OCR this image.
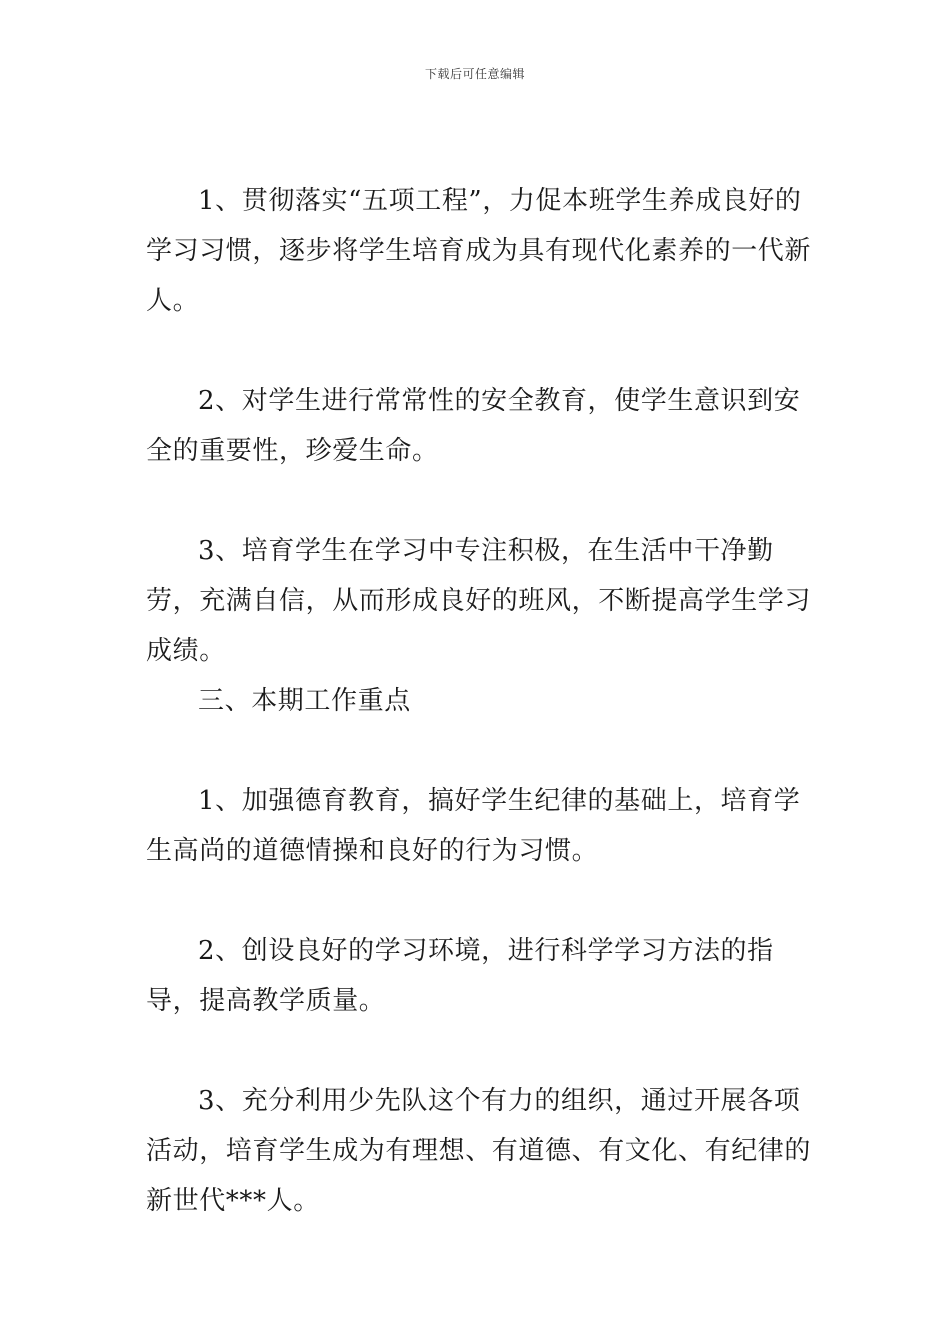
下载后可任意编辑

1、贯彻落实“五项工程”，力促本班学生养成良好的学习习惯，逐步将学生培育成为具有现代化素养的一代新人。

2、对学生进行常常性的安全教育，使学生意识到安全的重要性，珍爱生命。

3、培育学生在学习中专注积极，在生活中干净勤劳，充满自信，从而形成良好的班风，不断提高学生学习成绩。

三、本期工作重点

1、加强德育教育，搞好学生纪律的基础上，培育学生高尚的道德情操和良好的行为习惯。

2、创设良好的学习环境，进行科学学习方法的指导，提高教学质量。

3、充分利用少先队这个有力的组织，通过开展各项活动，培育学生成为有理想、有道德、有文化、有纪律的新世代***人。
